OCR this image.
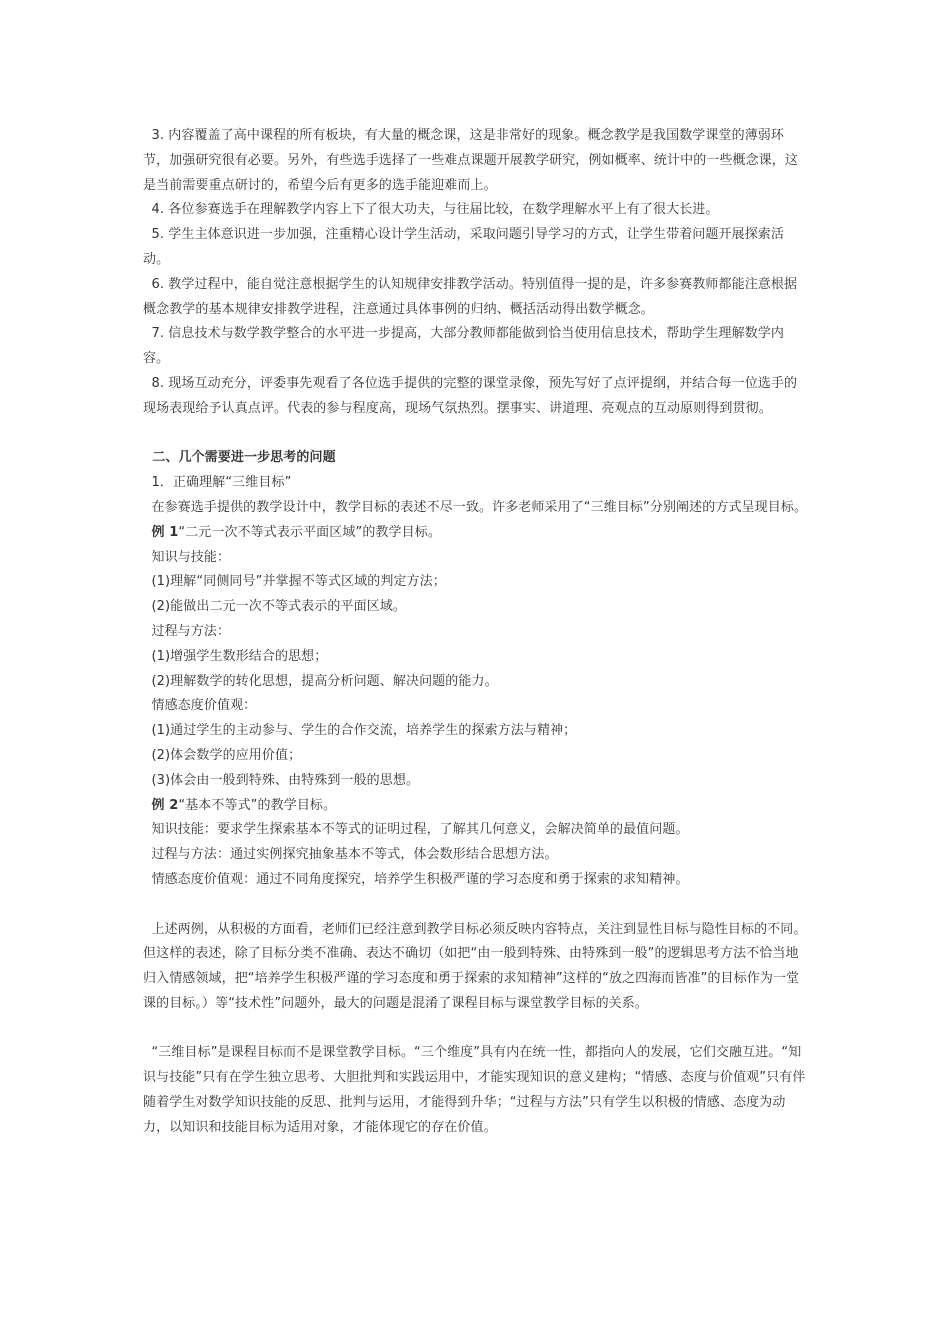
3. 内容覆盖了高中课程的所有板块，有大量的概念课，这是非常好的现象。概念教学是我国数学课堂的薄弱环节，加强研究很有必要。另外，有些选手选择了一些难点课题开展教学研究，例如概率、统计中的一些概念课，这是当前需要重点研讨的，希望今后有更多的选手能迎难而上。

4. 各位参赛选手在理解教学内容上下了很大功夫，与往届比较，在数学理解水平上有了很大长进。

5. 学生主体意识进一步加强，注重精心设计学生活动，采取问题引导学习的方式，让学生带着问题开展探索活动。

6. 教学过程中，能自觉注意根据学生的认知规律安排教学活动。特别值得一提的是，许多参赛教师都能注意根据概念教学的基本规律安排教学进程，注意通过具体事例的归纳、概括活动得出数学概念。

7. 信息技术与数学教学整合的水平进一步提高，大部分教师都能做到恰当使用信息技术，帮助学生理解数学内容。

8. 现场互动充分，评委事先观看了各位选手提供的完整的课堂录像，预先写好了点评提纲，并结合每一位选手的现场表现给予认真点评。代表的参与程度高，现场气氛热烈。摆事实、讲道理、亮观点的互动原则得到贯彻。

二、几个需要进一步思考的问题

1．正确理解“三维目标”

在参赛选手提供的教学设计中，教学目标的表述不尽一致。许多老师采用了“三维目标”分别阐述的方式呈现目标。

例 1“二元一次不等式表示平面区域”的教学目标。

知识与技能：

(1)理解“同侧同号”并掌握不等式区域的判定方法；

(2)能做出二元一次不等式表示的平面区域。

过程与方法：

(1)增强学生数形结合的思想；

(2)理解数学的转化思想，提高分析问题、解决问题的能力。

情感态度价值观：

(1)通过学生的主动参与、学生的合作交流，培养学生的探索方法与精神；

(2)体会数学的应用价值；

(3)体会由一般到特殊、由特殊到一般的思想。

例 2“基本不等式”的教学目标。

知识技能：要求学生探索基本不等式的证明过程，了解其几何意义，会解决简单的最值问题。

过程与方法：通过实例探究抽象基本不等式，体会数形结合思想方法。

情感态度价值观：通过不同角度探究，培养学生积极严谨的学习态度和勇于探索的求知精神。

上述两例，从积极的方面看，老师们已经注意到教学目标必须反映内容特点，关注到显性目标与隐性目标的不同。但这样的表述，除了目标分类不准确、表达不确切（如把“由一般到特殊、由特殊到一般”的逻辑思考方法不恰当地归入情感领域，把“培养学生积极严谨的学习态度和勇于探索的求知精神”这样的“放之四海而皆准”的目标作为一堂课的目标。）等“技术性”问题外，最大的问题是混淆了课程目标与课堂教学目标的关系。

“三维目标”是课程目标而不是课堂教学目标。“三个维度”具有内在统一性，都指向人的发展，它们交融互进。“知识与技能”只有在学生独立思考、大胆批判和实践运用中，才能实现知识的意义建构；“情感、态度与价值观”只有伴随着学生对数学知识技能的反思、批判与运用，才能得到升华；“过程与方法”只有学生以积极的情感、态度为动力，以知识和技能目标为适用对象，才能体现它的存在价值。
